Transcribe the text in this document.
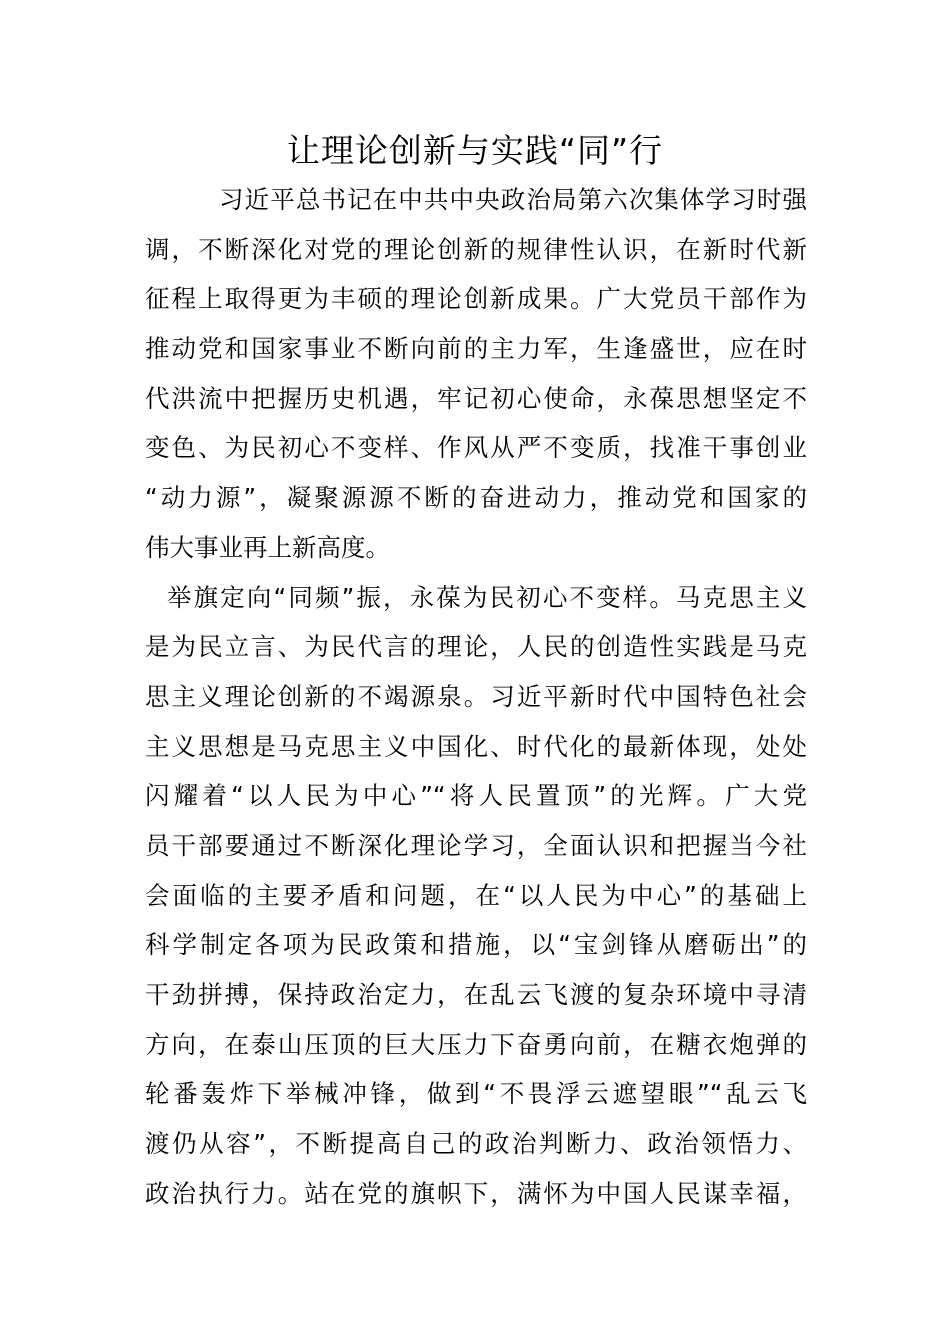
让理论创新与实践“同”行
习近平总书记在中共中央政治局第六次集体学习时强
调，不断深化对党的理论创新的规律性认识，在新时代新
征程上取得更为丰硕的理论创新成果。广大党员干部作为
推动党和国家事业不断向前的主力军，生逢盛世，应在时
代洪流中把握历史机遇，牢记初心使命，永葆思想坚定不
变色、为民初心不变样、作风从严不变质，找准干事创业
“动力源”，凝聚源源不断的奋进动力，推动党和国家的
伟大事业再上新高度。
举旗定向“同频”振，永葆为民初心不变样。马克思主义
是为民立言、为民代言的理论，人民的创造性实践是马克
思主义理论创新的不竭源泉。习近平新时代中国特色社会
主义思想是马克思主义中国化、时代化的最新体现，处处
闪耀着“以人民为中心”“将人民置顶”的光辉。广大党
员干部要通过不断深化理论学习，全面认识和把握当今社
会面临的主要矛盾和问题，在“以人民为中心”的基础上
科学制定各项为民政策和措施，以“宝剑锋从磨砺出”的
干劲拼搏，保持政治定力，在乱云飞渡的复杂环境中寻清
方向，在泰山压顶的巨大压力下奋勇向前，在糖衣炮弹的
轮番轰炸下举械冲锋，做到“不畏浮云遮望眼”“乱云飞
渡仍从容”，不断提高自己的政治判断力、政治领悟力、
政治执行力。站在党的旗帜下，满怀为中国人民谋幸福，
